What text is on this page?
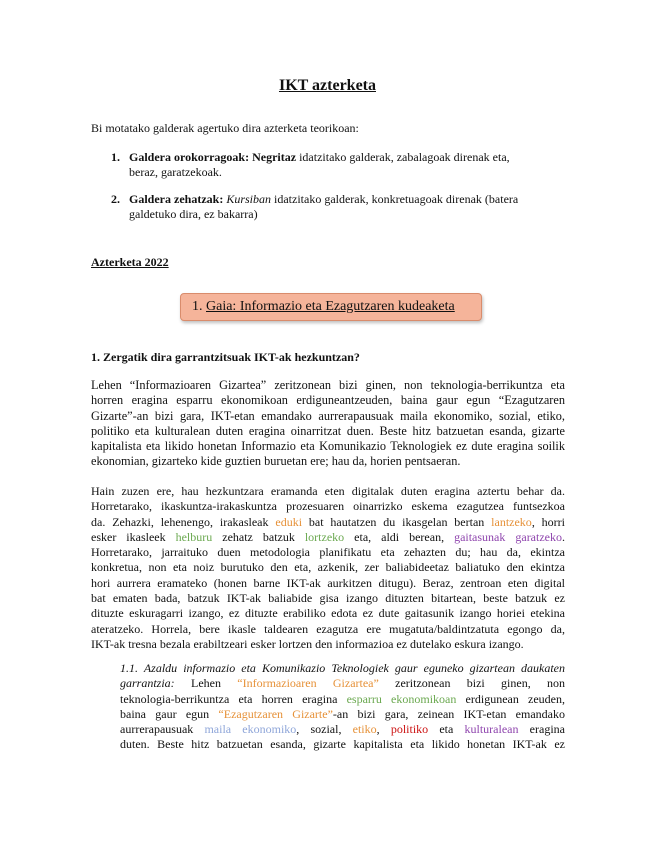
IKT azterketa
Bi motatako galderak agertuko dira azterketa teorikoan:
1. Galdera orokorragoak: Negritaz idatzitako galderak, zabalagoak direnak eta,
beraz, garatzekoak.
2. Galdera zehatzak: Kursiban idatzitako galderak, konkretuagoak direnak (batera
galdetuko dira, ez bakarra)
Azterketa 2022
1. Gaia: Informazio eta Ezagutzaren kudeaketa
1. Zergatik dira garrantzitsuak IKT-ak hezkuntzan?
Lehen “Informazioaren Gizartea” zeritzonean bizi ginen, non teknologia-berrikuntza eta
horren eragina esparru ekonomikoan erdiguneantzeuden, baina gaur egun “Ezagutzaren
Gizarte”-an bizi gara, IKT-etan emandako aurrerapausuak maila ekonomiko, sozial, etiko,
politiko eta kulturalean duten eragina oinarritzat duen. Beste hitz batzuetan esanda, gizarte
kapitalista eta likido honetan Informazio eta Komunikazio Teknologiek ez dute eragina soilik
ekonomian, gizarteko kide guztien buruetan ere; hau da, horien pentsaeran.
Hain zuzen ere, hau hezkuntzara eramanda eten digitalak duten eragina aztertu behar da.
Horretarako, ikaskuntza-irakaskuntza prozesuaren oinarrizko eskema ezagutzea funtsezkoa
da. Zehazki, lehenengo, irakasleak eduki bat hautatzen du ikasgelan bertan lantzeko, horri
esker ikasleek helburu zehatz batzuk lortzeko eta, aldi berean, gaitasunak garatzeko.
Horretarako, jarraituko duen metodologia planifikatu eta zehazten du; hau da, ekintza
konkretua, non eta noiz burutuko den eta, azkenik, zer baliabideetaz baliatuko den ekintza
hori aurrera eramateko (honen barne IKT-ak aurkitzen ditugu). Beraz, zentroan eten digital
bat ematen bada, batzuk IKT-ak baliabide gisa izango dituzten bitartean, beste batzuk ez
dituzte eskuragarri izango, ez dituzte erabiliko edota ez dute gaitasunik izango horiei etekina
ateratzeko. Horrela, bere ikasle taldearen ezagutza ere mugatuta/baldintzatuta egongo da,
IKT-ak tresna bezala erabiltzeari esker lortzen den informazioa ez dutelako eskura izango.
1.1. Azaldu informazio eta Komunikazio Teknologiek gaur eguneko gizartean daukaten
garrantzia: Lehen “Informazioaren Gizartea” zeritzonean bizi ginen, non
teknologia-berrikuntza eta horren eragina esparru ekonomikoan erdigunean zeuden,
baina gaur egun “Ezagutzaren Gizarte”-an bizi gara, zeinean IKT-etan emandako
aurrerapausuak maila ekonomiko, sozial, etiko, politiko eta kulturalean eragina
duten. Beste hitz batzuetan esanda, gizarte kapitalista eta likido honetan IKT-ak ez
